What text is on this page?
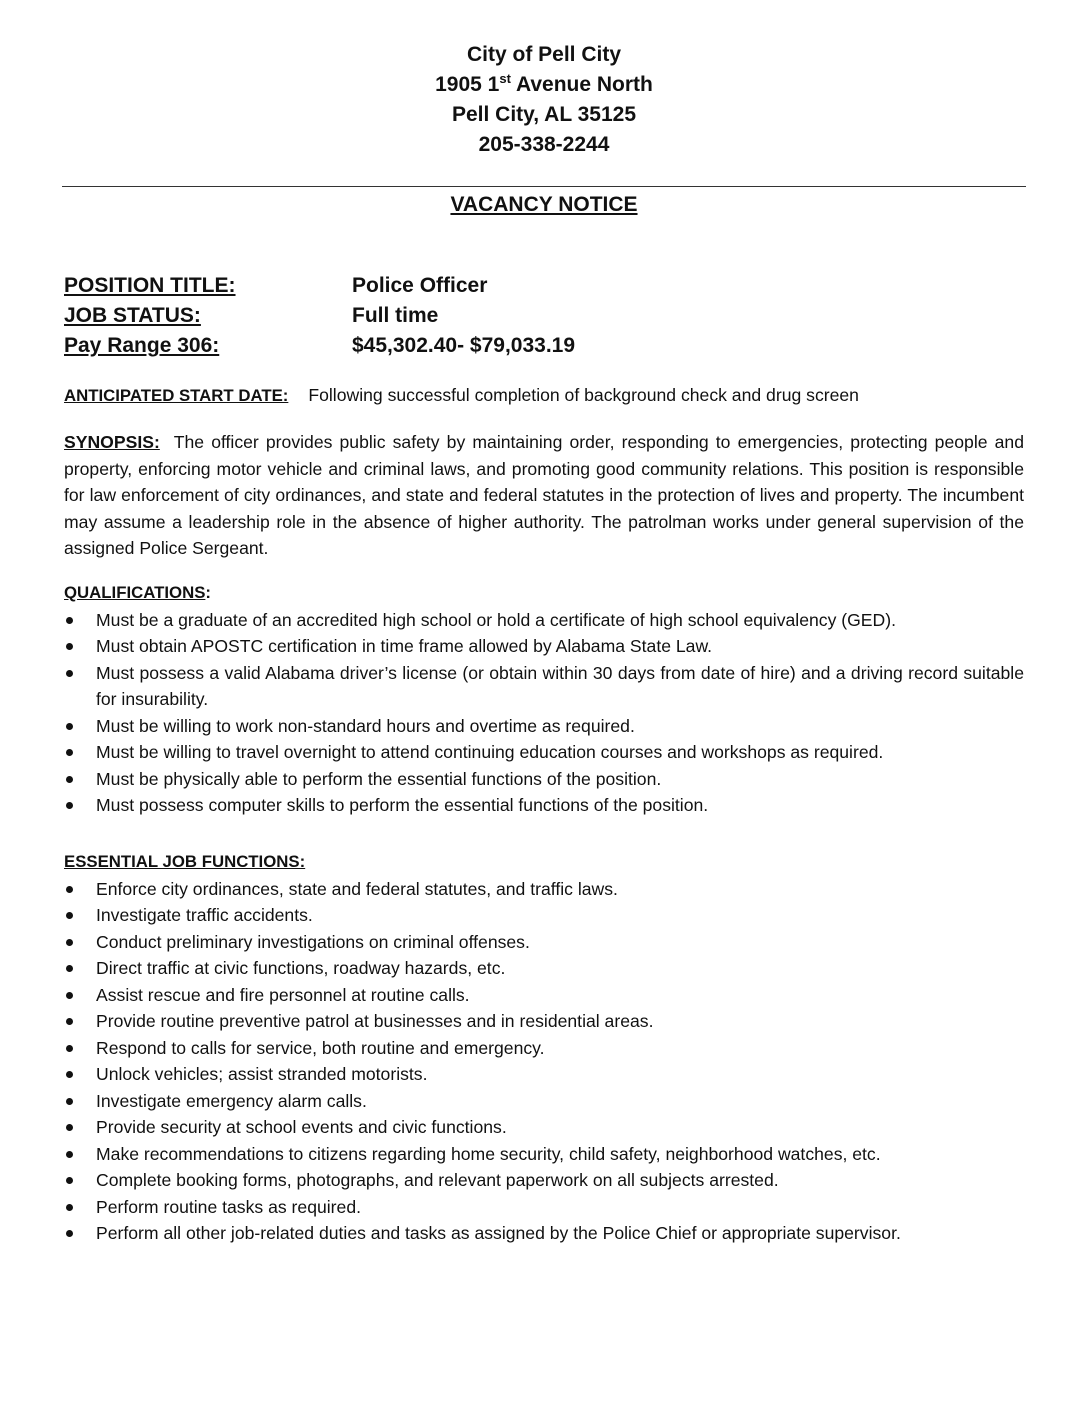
City of Pell City
1905 1st Avenue North
Pell City, AL 35125
205-338-2244
VACANCY NOTICE
POSITION TITLE:	Police Officer
JOB STATUS:	Full time
Pay Range 306:	$45,302.40- $79,033.19
ANTICIPATED START DATE: Following successful completion of background check and drug screen
SYNOPSIS: The officer provides public safety by maintaining order, responding to emergencies, protecting people and property, enforcing motor vehicle and criminal laws, and promoting good community relations. This position is responsible for law enforcement of city ordinances, and state and federal statutes in the protection of lives and property. The incumbent may assume a leadership role in the absence of higher authority. The patrolman works under general supervision of the assigned Police Sergeant.
QUALIFICATIONS:
Must be a graduate of an accredited high school or hold a certificate of high school equivalency (GED).
Must obtain APOSTC certification in time frame allowed by Alabama State Law.
Must possess a valid Alabama driver’s license (or obtain within 30 days from date of hire) and a driving record suitable for insurability.
Must be willing to work non-standard hours and overtime as required.
Must be willing to travel overnight to attend continuing education courses and workshops as required.
Must be physically able to perform the essential functions of the position.
Must possess computer skills to perform the essential functions of the position.
ESSENTIAL JOB FUNCTIONS:
Enforce city ordinances, state and federal statutes, and traffic laws.
Investigate traffic accidents.
Conduct preliminary investigations on criminal offenses.
Direct traffic at civic functions, roadway hazards, etc.
Assist rescue and fire personnel at routine calls.
Provide routine preventive patrol at businesses and in residential areas.
Respond to calls for service, both routine and emergency.
Unlock vehicles; assist stranded motorists.
Investigate emergency alarm calls.
Provide security at school events and civic functions.
Make recommendations to citizens regarding home security, child safety, neighborhood watches, etc.
Complete booking forms, photographs, and relevant paperwork on all subjects arrested.
Perform routine tasks as required.
Perform all other job-related duties and tasks as assigned by the Police Chief or appropriate supervisor.
